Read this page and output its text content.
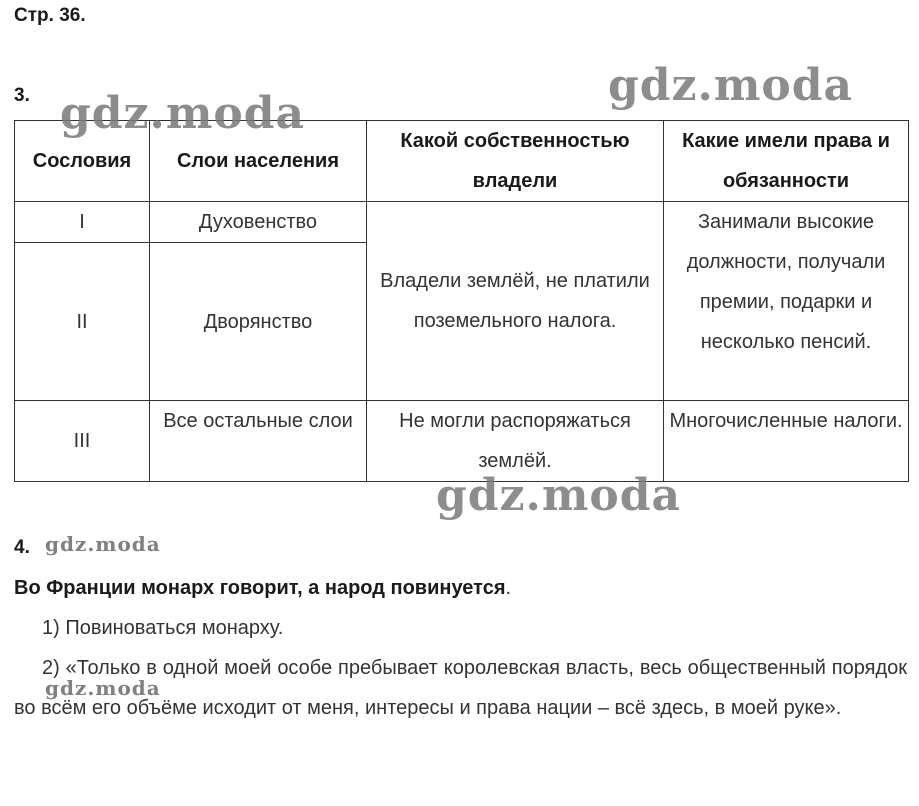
Стр. 36.
3.
Сословия	Слои населения	Какой собственностью владели	Какие имели права и обязанности
I	Духовенство	Владели землёй, не платили поземельного налога.	Занимали высокие должности, получали премии, подарки и несколько пенсий.
II	Дворянство		
III	Все остальные слои	Не могли распоряжаться землёй.	Многочисленные налоги.
4.
Во Франции монарх говорит, а народ повинуется.
1) Повиноваться монарху.
2) «Только в одной моей особе пребывает королевская власть, весь общественный порядок во всём его объёме исходит от меня, интересы и права нации – всё здесь, в моей руке».
gdz.moda
gdz.moda
gdz.moda
gdz.moda
gdz.moda
